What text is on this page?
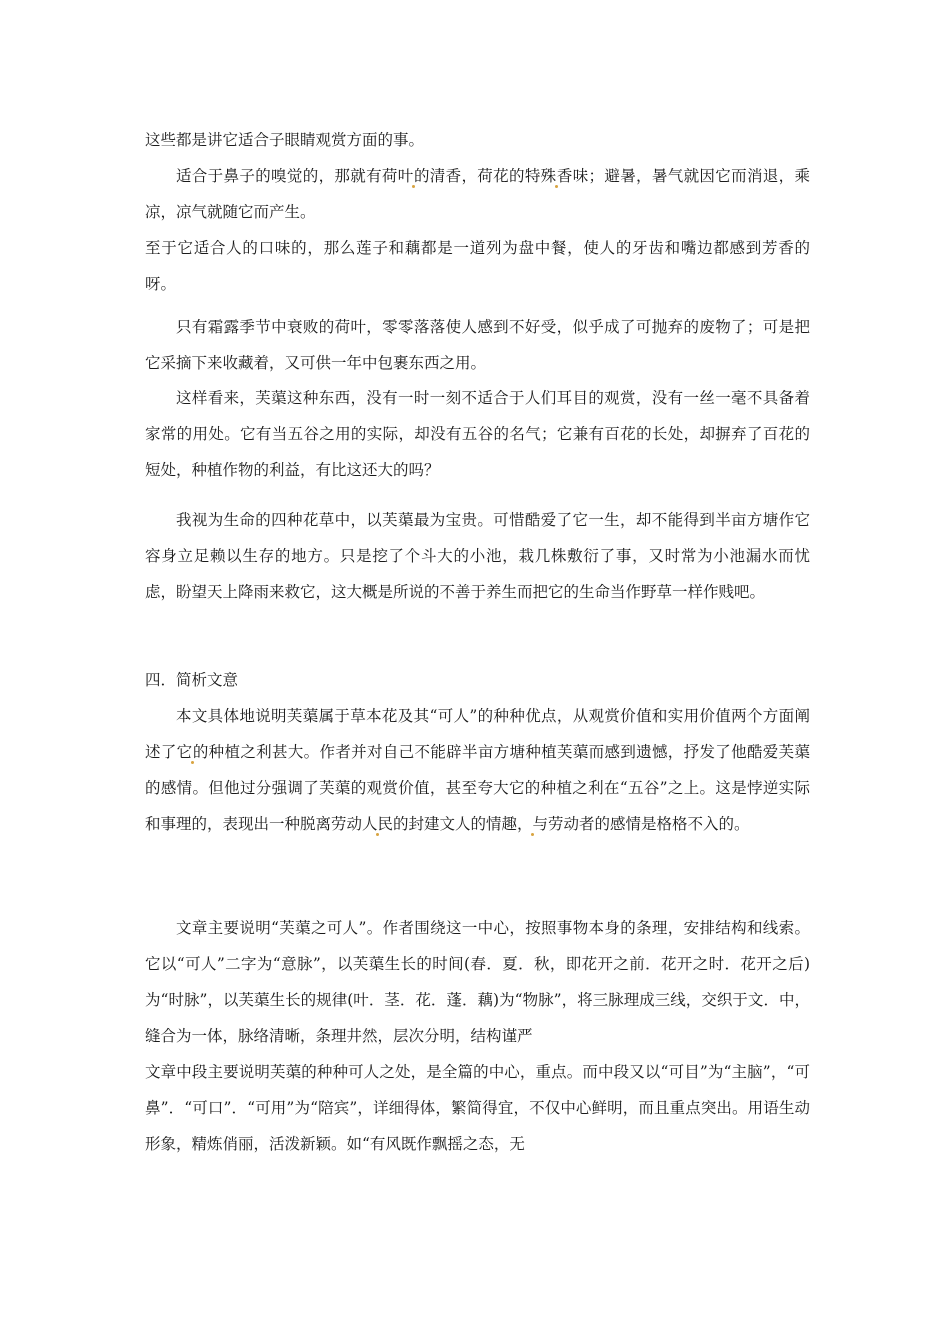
这些都是讲它适合子眼睛观赏方面的事。

适合于鼻子的嗅觉的，那就有荷叶的清香，荷花的特殊香味；避暑，暑气就因它而消退，乘凉，凉气就随它而产生。

至于它适合人的口味的，那么莲子和藕都是一道列为盘中餐，使人的牙齿和嘴边都感到芳香的呀。

只有霜露季节中衰败的荷叶，零零落落使人感到不好受，似乎成了可抛弃的废物了；可是把它采摘下来收藏着，又可供一年中包裹东西之用。

这样看来，芙蕖这种东西，没有一时一刻不适合于人们耳目的观赏，没有一丝一毫不具备着家常的用处。它有当五谷之用的实际，却没有五谷的名气；它兼有百花的长处，却摒弃了百花的短处，种植作物的利益，有比这还大的吗？

我视为生命的四种花草中，以芙蕖最为宝贵。可惜酷爱了它一生，却不能得到半亩方塘作它容身立足赖以生存的地方。只是挖了个斗大的小池，栽几株敷衍了事，又时常为小池漏水而忧虑，盼望天上降雨来救它，这大概是所说的不善于养生而把它的生命当作野草一样作贱吧。

四．简析文意

本文具体地说明芙蕖属于草本花及其“可人”的种种优点，从观赏价值和实用价值两个方面阐述了它的种植之利甚大。作者并对自己不能辟半亩方塘种植芙蕖而感到遗憾，抒发了他酷爱芙蕖的感情。但他过分强调了芙蕖的观赏价值，甚至夸大它的种植之利在“五谷”之上。这是悖逆实际和事理的，表现出一种脱离劳动人民的封建文人的情趣，与劳动者的感情是格格不入的。

文章主要说明“芙蕖之可人”。作者围绕这一中心，按照事物本身的条理，安排结构和线索。它以“可人”二字为“意脉”，以芙蕖生长的时间(春．夏．秋，即花开之前．花开之时．花开之后)为“时脉”，以芙蕖生长的规律(叶．茎．花．蓬．藕)为“物脉”，将三脉理成三线，交织于文．中，缝合为一体，脉络清晰，条理井然，层次分明，结构谨严

文章中段主要说明芙蕖的种种可人之处，是全篇的中心，重点。而中段又以“可目”为“主脑”，“可鼻”．“可口”．“可用”为“陪宾”，详细得体，繁简得宜，不仅中心鲜明，而且重点突出。用语生动形象，精炼俏丽，活泼新颖。如“有风既作飘摇之态，无
